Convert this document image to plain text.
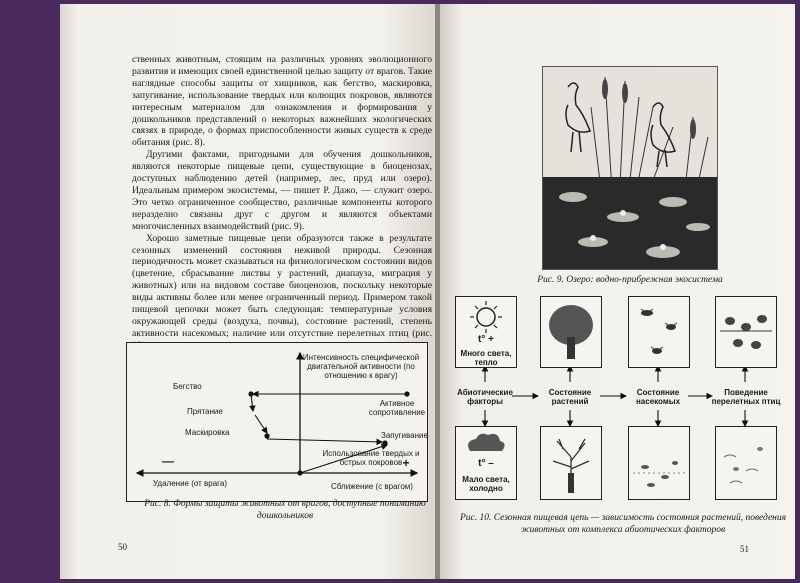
ственных животным, стоящим на различных уровнях эволюционного развития и имеющих своей единственной целью защиту от врагов. Такие наглядные способы защиты от хищников, как бегство, маскировка, запугивание, использование твердых или колющих покровов, являются интересным материалом для ознакомления и формирования у дошкольников представлений о некоторых важнейших экологических связях в природе, о формах приспособленности живых существ к среде обитания (рис. 8).

Другими фактами, пригодными для обучения дошкольников, являются некоторые пищевые цепи, существующие в биоценозах, доступных наблюдению детей (например, лес, пруд или озеро). Идеальным примером экосистемы, — пишет Р. Дажо, — служит озеро. Это четко ограниченное сообщество, различные компоненты которого неразделно связаны друг с другом и являются объектами многочисленных взаимодействий (рис. 9).

Хорошо заметные пищевые цепи образуются также в результате сезонных изменений состояния неживой природы. Сезонная периодичность может сказываться на физиологическом состоянии видов (цветение, сбрасывание листвы у растений, диапауза, миграция у животных) или на видовом составе биоценозов, поскольку некоторые виды активны более или менее ограниченный период. Примером такой пищевой цепочки может быть следующая: температурные условия окружающей среды (воздуха, почвы), состояние растений, степень активности насекомых; наличие или отсутствие перелетных птиц (рис.

Интенсивность специфической двигательной активности (по отношению к врагу)
Бегство
Прятание
Маскировка
Активное сопротивление
Запугивание
Использование твердых и острых покровов
—	+
Удаление (от врага)	Сближение (с врагом)
Рис. 8. Формы защиты животных от врагов, доступные пониманию дошкольников
50
Рис. 9. Озеро: водно-прибрежная экосистема
t° +
Много света, тепло
Абиотические факторы
Состояние растений
Состояние насекомых
Поведение перелетных птиц
t° –
Мало света, холодно
Рис. 10. Сезонная пищевая цепь — зависимость состояния растений, поведения животных от комплекса абиотических факторов
51
